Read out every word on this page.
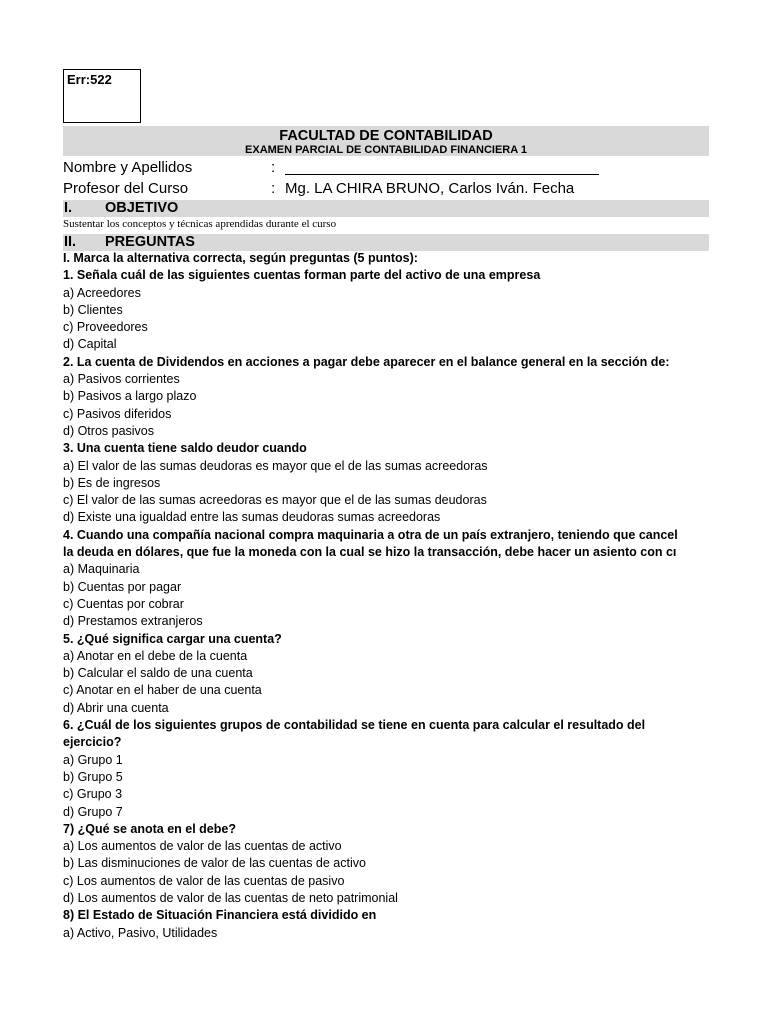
Err:522
FACULTAD DE CONTABILIDAD
EXAMEN PARCIAL DE CONTABILIDAD FINANCIERA 1
Nombre y Apellidos	:
Profesor del Curso	: Mg. LA CHIRA BRUNO, Carlos Iván. Fecha
I. OBJETIVO
Sustentar los conceptos y técnicas aprendidas durante el curso
II. PREGUNTAS
I. Marca la alternativa correcta, según preguntas (5 puntos):
1. Señala cuál de las siguientes cuentas forman parte del activo de una empresa
a) Acreedores
b) Clientes
c) Proveedores
d) Capital
2. La cuenta de Dividendos en acciones a pagar debe aparecer en el balance general en la sección de:
a) Pasivos corrientes
b) Pasivos a largo plazo
c) Pasivos diferidos
d) Otros pasivos
3. Una cuenta tiene saldo deudor cuando
a) El valor de las sumas deudoras es mayor que el de las sumas acreedoras
b) Es de ingresos
c) El valor de las sumas acreedoras es mayor que el de las sumas deudoras
d) Existe una igualdad entre las sumas deudoras sumas acreedoras
4. Cuando una compañía nacional compra maquinaria a otra de un país extranjero, teniendo que cancel
la deuda en dólares, que fue la moneda con la cual se hizo la transacción, debe hacer un asiento con cı
a) Maquinaria
b) Cuentas por pagar
c) Cuentas por cobrar
d) Prestamos extranjeros
5. ¿Qué significa cargar una cuenta?
a) Anotar en el debe de la cuenta
b) Calcular el saldo de una cuenta
c) Anotar en el haber de una cuenta
d) Abrir una cuenta
6. ¿Cuál de los siguientes grupos de contabilidad se tiene en cuenta para calcular el resultado del
ejercicio?
a) Grupo 1
b) Grupo 5
c) Grupo 3
d) Grupo 7
7) ¿Qué se anota en el debe?
a) Los aumentos de valor de las cuentas de activo
b) Las disminuciones de valor de las cuentas de activo
c) Los aumentos de valor de las cuentas de pasivo
d) Los aumentos de valor de las cuentas de neto patrimonial
8) El Estado de Situación Financiera está dividido en
a) Activo, Pasivo, Utilidades
